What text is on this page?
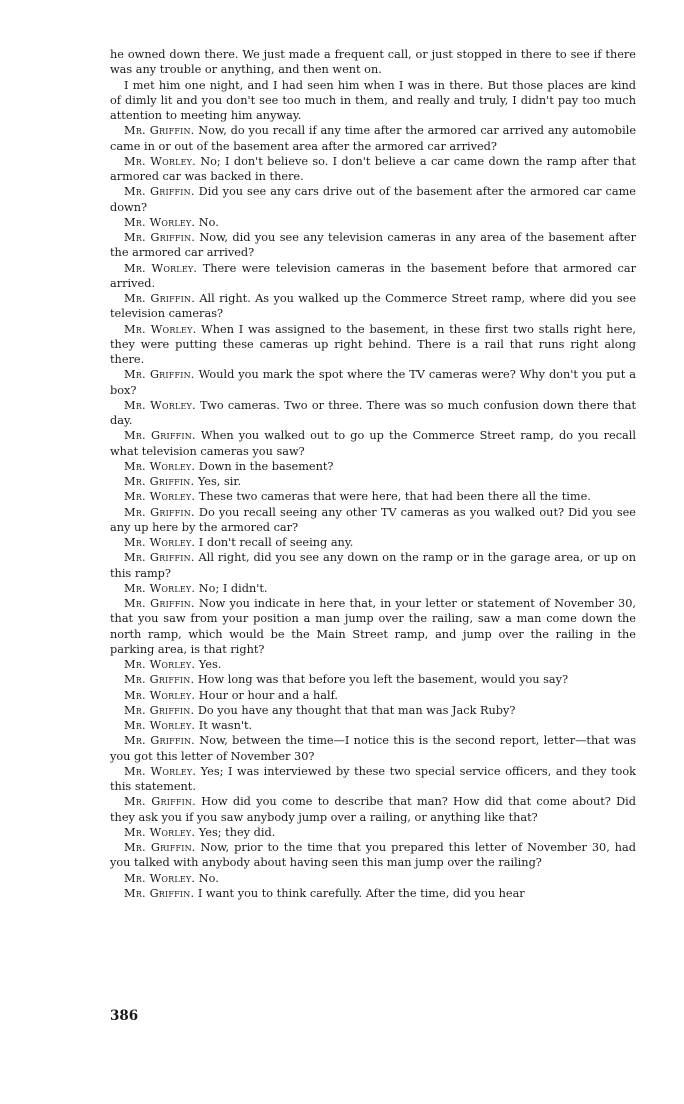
he owned down there. We just made a frequent call, or just stopped in there to see if there was any trouble or anything, and then went on.

I met him one night, and I had seen him when I was in there. But those places are kind of dimly lit and you don't see too much in them, and really and truly, I didn't pay too much attention to meeting him anyway.

Mr. Griffin. Now, do you recall if any time after the armored car arrived any automobile came in or out of the basement area after the armored car arrived?

Mr. Worley. No; I don't believe so. I don't believe a car came down the ramp after that armored car was backed in there.

Mr. Griffin. Did you see any cars drive out of the basement after the armored car came down?

Mr. Worley. No.

Mr. Griffin. Now, did you see any television cameras in any area of the basement after the armored car arrived?

Mr. Worley. There were television cameras in the basement before that armored car arrived.

Mr. Griffin. All right. As you walked up the Commerce Street ramp, where did you see television cameras?

Mr. Worley. When I was assigned to the basement, in these first two stalls right here, they were putting these cameras up right behind. There is a rail that runs right along there.

Mr. Griffin. Would you mark the spot where the TV cameras were? Why don't you put a box?

Mr. Worley. Two cameras. Two or three. There was so much confusion down there that day.

Mr. Griffin. When you walked out to go up the Commerce Street ramp, do you recall what television cameras you saw?

Mr. Worley. Down in the basement?

Mr. Griffin. Yes, sir.

Mr. Worley. These two cameras that were here, that had been there all the time.

Mr. Griffin. Do you recall seeing any other TV cameras as you walked out? Did you see any up here by the armored car?

Mr. Worley. I don't recall of seeing any.

Mr. Griffin. All right, did you see any down on the ramp or in the garage area, or up on this ramp?

Mr. Worley. No; I didn't.

Mr. Griffin. Now you indicate in here that, in your letter or statement of November 30, that you saw from your position a man jump over the railing, saw a man come down the north ramp, which would be the Main Street ramp, and jump over the railing in the parking area, is that right?

Mr. Worley. Yes.

Mr. Griffin. How long was that before you left the basement, would you say?

Mr. Worley. Hour or hour and a half.

Mr. Griffin. Do you have any thought that that man was Jack Ruby?

Mr. Worley. It wasn't.

Mr. Griffin. Now, between the time—I notice this is the second report, letter—that was you got this letter of November 30?

Mr. Worley. Yes; I was interviewed by these two special service officers, and they took this statement.

Mr. Griffin. How did you come to describe that man? How did that come about? Did they ask you if you saw anybody jump over a railing, or anything like that?

Mr. Worley. Yes; they did.

Mr. Griffin. Now, prior to the time that you prepared this letter of November 30, had you talked with anybody about having seen this man jump over the railing?

Mr. Worley. No.

Mr. Griffin. I want you to think carefully. After the time, did you hear

386
